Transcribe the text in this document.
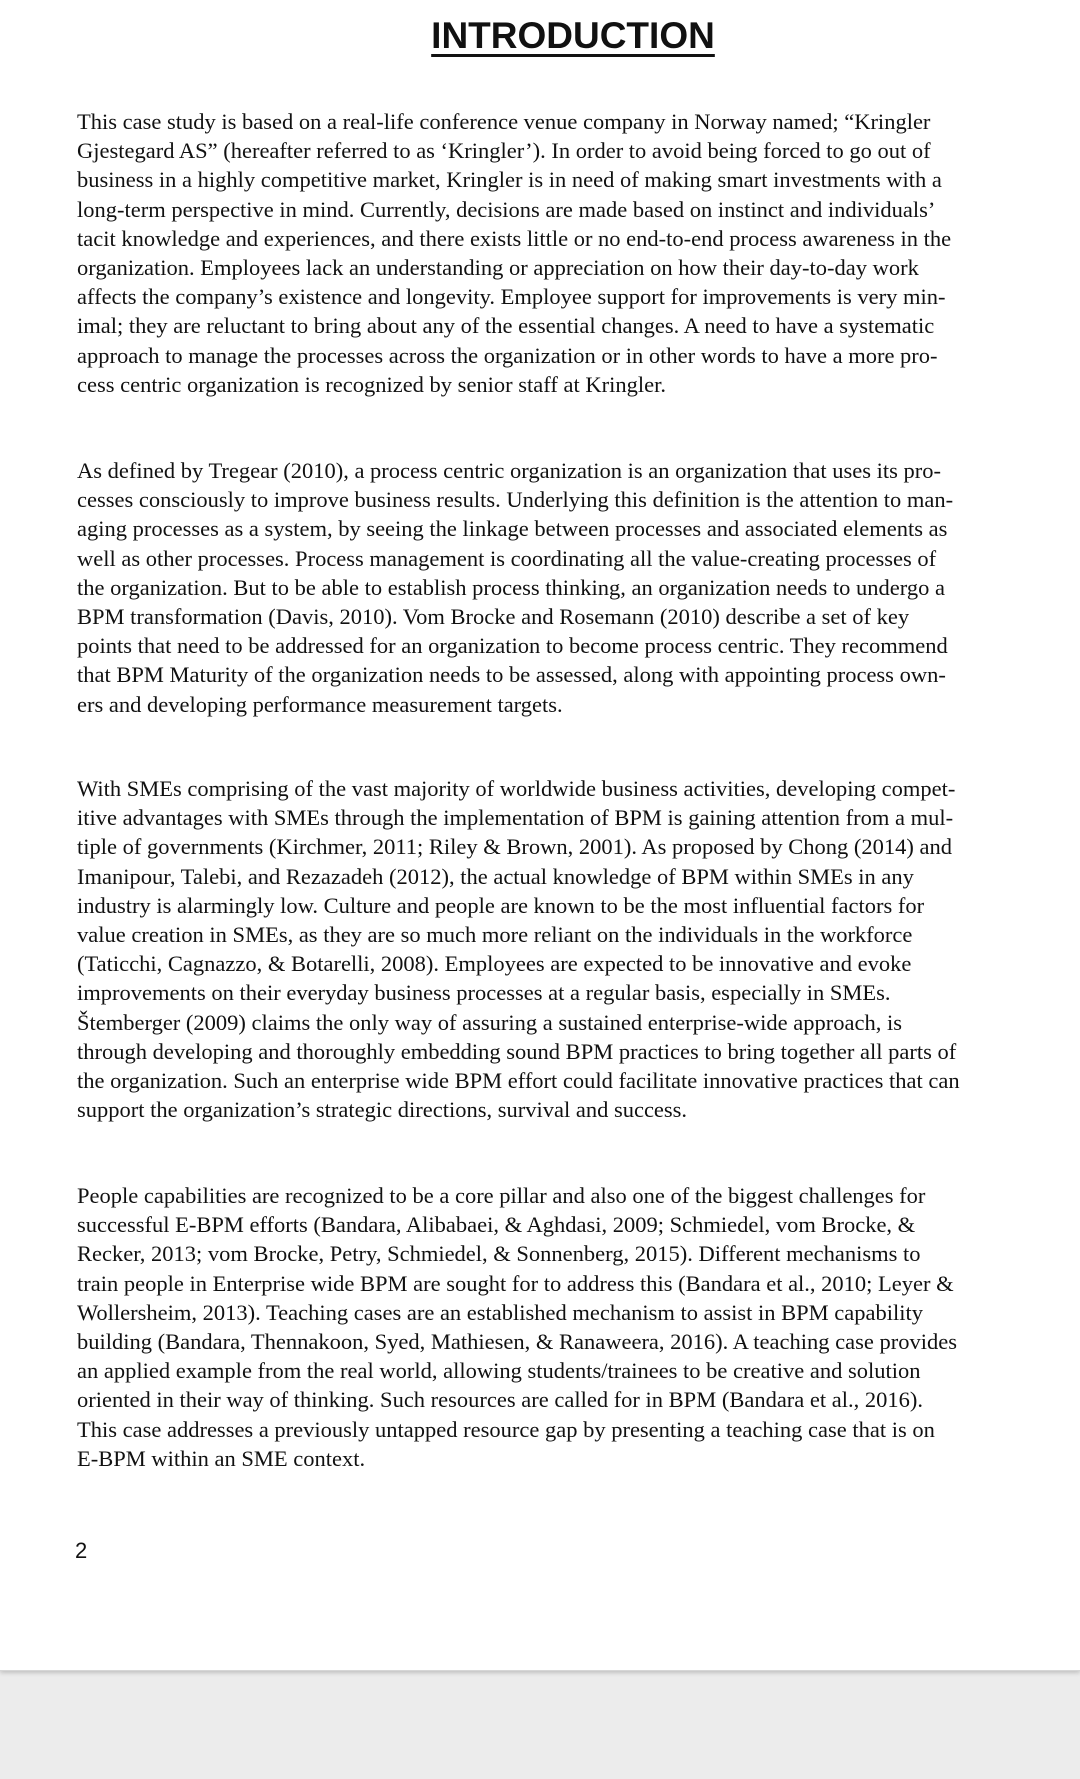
INTRODUCTION

This case study is based on a real-life conference venue company in Norway named; “Kringler
Gjestegard AS” (hereafter referred to as ‘Kringler’). In order to avoid being forced to go out of
business in a highly competitive market, Kringler is in need of making smart investments with a
long-term perspective in mind. Currently, decisions are made based on instinct and individuals’
tacit knowledge and experiences, and there exists little or no end-to-end process awareness in the
organization. Employees lack an understanding or appreciation on how their day-to-day work
affects the company’s existence and longevity. Employee support for improvements is very min-
imal; they are reluctant to bring about any of the essential changes. A need to have a systematic
approach to manage the processes across the organization or in other words to have a more pro-
cess centric organization is recognized by senior staff at Kringler.

As defined by Tregear (2010), a process centric organization is an organization that uses its pro-
cesses consciously to improve business results. Underlying this definition is the attention to man-
aging processes as a system, by seeing the linkage between processes and associated elements as
well as other processes. Process management is coordinating all the value-creating processes of
the organization. But to be able to establish process thinking, an organization needs to undergo a
BPM transformation (Davis, 2010). Vom Brocke and Rosemann (2010) describe a set of key
points that need to be addressed for an organization to become process centric. They recommend
that BPM Maturity of the organization needs to be assessed, along with appointing process own-
ers and developing performance measurement targets.

With SMEs comprising of the vast majority of worldwide business activities, developing compet-
itive advantages with SMEs through the implementation of BPM is gaining attention from a mul-
tiple of governments (Kirchmer, 2011; Riley & Brown, 2001). As proposed by Chong (2014) and
Imanipour, Talebi, and Rezazadeh (2012), the actual knowledge of BPM within SMEs in any
industry is alarmingly low. Culture and people are known to be the most influential factors for
value creation in SMEs, as they are so much more reliant on the individuals in the workforce
(Taticchi, Cagnazzo, & Botarelli, 2008). Employees are expected to be innovative and evoke
improvements on their everyday business processes at a regular basis, especially in SMEs.
Štemberger (2009) claims the only way of assuring a sustained enterprise-wide approach, is
through developing and thoroughly embedding sound BPM practices to bring together all parts of
the organization. Such an enterprise wide BPM effort could facilitate innovative practices that can
support the organization’s strategic directions, survival and success.

People capabilities are recognized to be a core pillar and also one of the biggest challenges for
successful E-BPM efforts (Bandara, Alibabaei, & Aghdasi, 2009; Schmiedel, vom Brocke, &
Recker, 2013; vom Brocke, Petry, Schmiedel, & Sonnenberg, 2015). Different mechanisms to
train people in Enterprise wide BPM are sought for to address this (Bandara et al., 2010; Leyer &
Wollersheim, 2013). Teaching cases are an established mechanism to assist in BPM capability
building (Bandara, Thennakoon, Syed, Mathiesen, & Ranaweera, 2016). A teaching case provides
an applied example from the real world, allowing students/trainees to be creative and solution
oriented in their way of thinking. Such resources are called for in BPM (Bandara et al., 2016).
This case addresses a previously untapped resource gap by presenting a teaching case that is on
E-BPM within an SME context.

2
